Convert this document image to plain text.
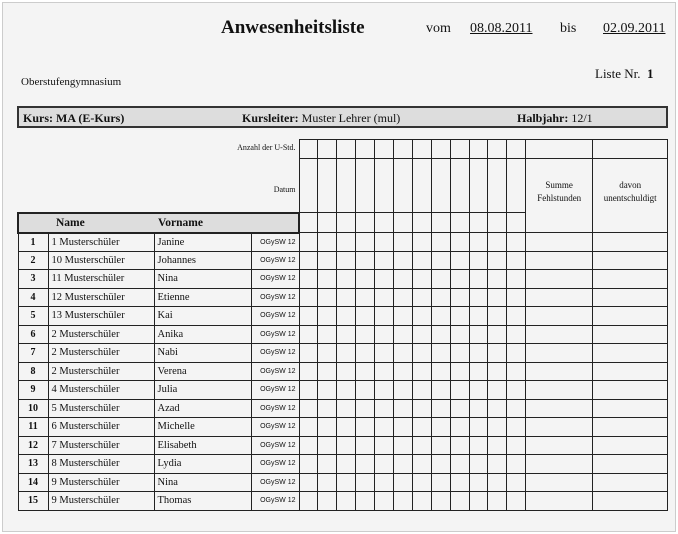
Anwesenheitsliste	vom 08.08.2011 bis 02.09.2011
Oberstufengymnasium
Liste Nr. 1
Kurs: MA (E-Kurs)	Kursleiter: Muster Lehrer (mul)	Halbjahr: 12/1
Anzahl der U-Std.																	
Datum																Summe Fehlstunden	davon unentschuldigt
	Name	Vorname															
1	1 Musterschüler	Janine	OGySW 12														
2	10 Musterschüler	Johannes	OGySW 12														
3	11 Musterschüler	Nina	OGySW 12														
4	12 Musterschüler	Etienne	OGySW 12														
5	13 Musterschüler	Kai	OGySW 12														
6	2 Musterschüler	Anika	OGySW 12														
7	2 Musterschüler	Nabi	OGySW 12														
8	2 Musterschüler	Verena	OGySW 12														
9	4 Musterschüler	Julia	OGySW 12														
10	5 Musterschüler	Azad	OGySW 12														
11	6 Musterschüler	Michelle	OGySW 12														
12	7 Musterschüler	Elisabeth	OGySW 12														
13	8 Musterschüler	Lydia	OGySW 12														
14	9 Musterschüler	Nina	OGySW 12														
15	9 Musterschüler	Thomas	OGySW 12														
